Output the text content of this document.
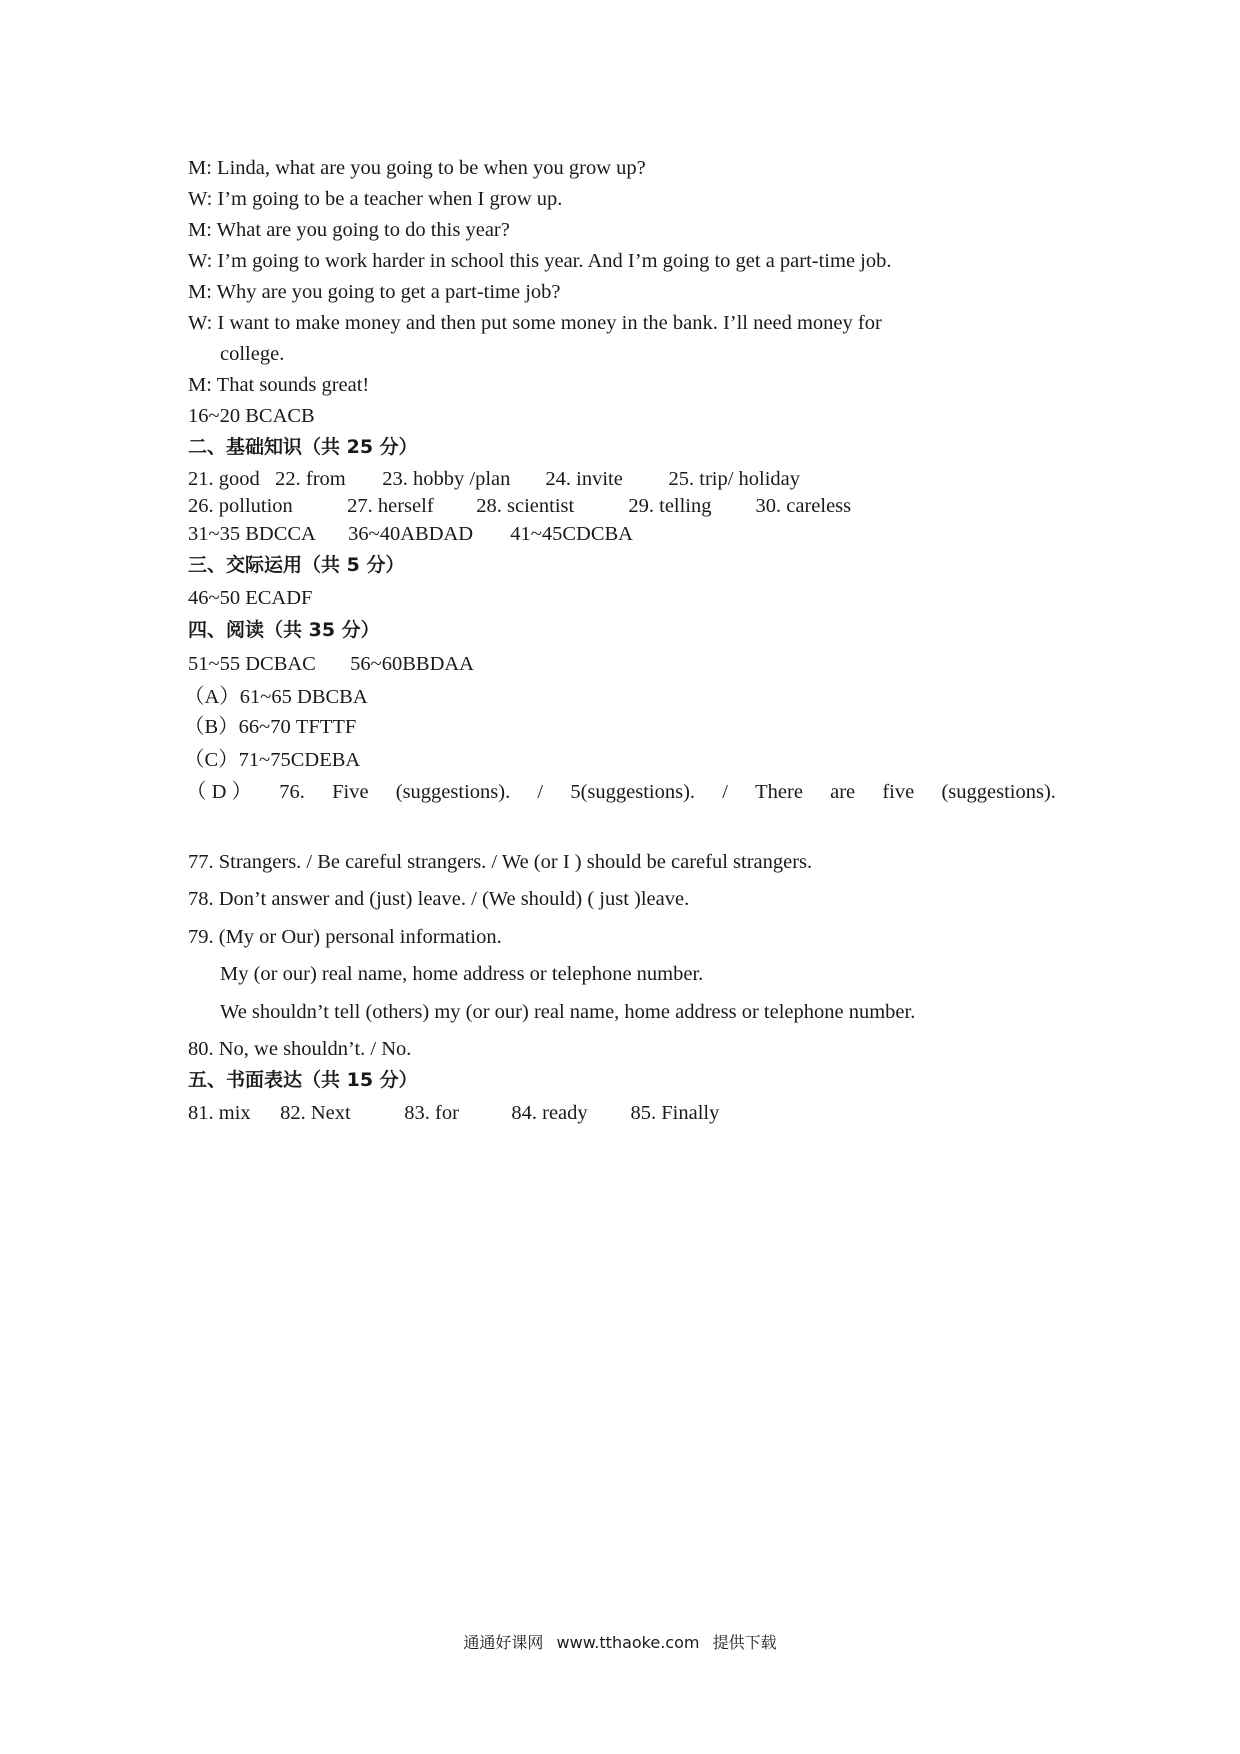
M: Linda, what are you going to be when you grow up?
W: I’m going to be a teacher when I grow up.
M: What are you going to do this year?
W: I’m going to work harder in school this year. And I’m going to get a part-time job.
M: Why are you going to get a part-time job?
W: I want to make money and then put some money in the bank. I’ll need money for
college.
M: That sounds great!
16~20 BCACB
二、基础知识（共 25 分）
21. good 22. from 23. hobby /plan 24. invite 25. trip/ holiday
26. pollution	27. herself 28. scientist	29. telling 30. careless
31~35 BDCCA 36~40ABDAD 41~45CDCBA
三、交际运用（共 5 分）
46~50 ECADF
四、阅读（共 35 分）
51~55 DCBAC 56~60BBDAA
（A）61~65 DBCBA
（B）66~70 TFTTF
（C）71~75CDEBA
（ D ） 76. Five (suggestions). / 5(suggestions). / There are five (suggestions).
77. Strangers. / Be careful strangers. / We (or I ) should be careful strangers.
78. Don’t answer and (just) leave. / (We should) ( just )leave.
79. (My or Our) personal information.
My (or our) real name, home address or telephone number.
We shouldn’t tell (others) my (or our) real name, home address or telephone number.
80. No, we shouldn’t. / No.
五、书面表达（共 15 分）
81. mix 82. Next	83. for	84. ready 85. Finally
通通好课网 www.tthaoke.com 提供下载
